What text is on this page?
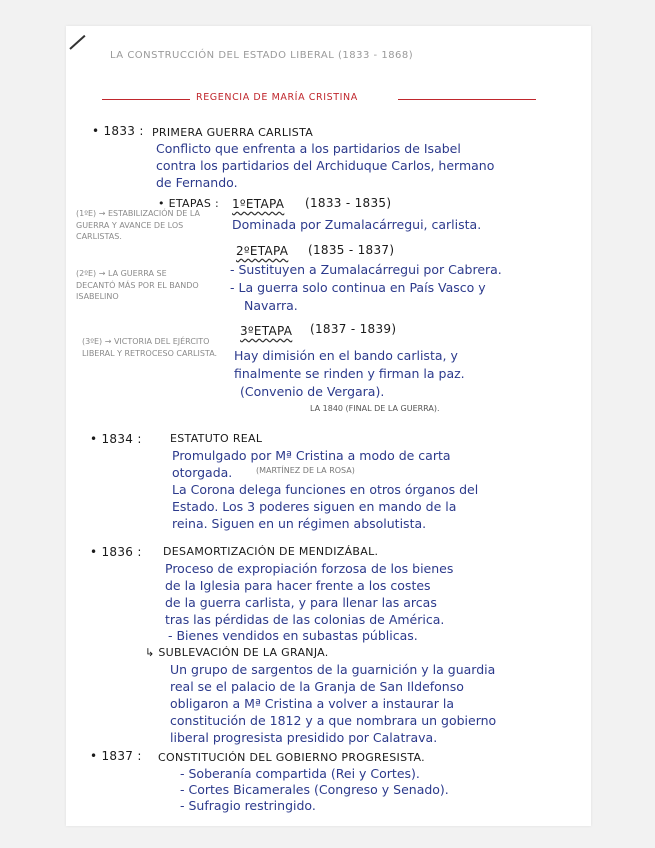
LA CONSTRUCCIÓN DEL ESTADO LIBERAL (1833 - 1868)
REGENCIA DE MARÍA CRISTINA
• 1833 : PRIMERA GUERRA CARLISTA
Conflicto que enfrenta a los partidarios de Isabel
contra los partidarios del Archiduque Carlos, hermano
de Fernando.
• ETAPAS : 1ºETAPA (1833 - 1835)
Dominada por Zumalacárregui, carlista.
2ºETAPA (1835 - 1837)
- Sustituyen a Zumalacárregui por Cabrera.
- La guerra solo continua en País Vasco y
Navarra.
3ºETAPA (1837 - 1839)
Hay dimisión en el bando carlista, y
finalmente se rinden y firman la paz.
(Convenio de Vergara).
LA 1840 (FINAL DE LA GUERRA).
(1ºE) → ESTABILIZACIÓN DE LA GUERRA Y AVANCE DE LOS CARLISTAS.
(2ºE) → LA GUERRA SE DECANTÓ MÁS POR EL BANDO ISABELINO
(3ºE) → VICTORIA DEL EJÉRCITO LIBERAL Y RETROCESO CARLISTA.
• 1834 :	ESTATUTO REAL
Promulgado por Mª Cristina a modo de carta
otorgada.	(MARTÍNEZ DE LA ROSA)
La Corona delega funciones en otros órganos del
Estado. Los 3 poderes siguen en mando de la
reina. Siguen en un régimen absolutista.
• 1836 : DESAMORTIZACIÓN DE MENDIZÁBAL.
Proceso de expropiación forzosa de los bienes
de la Iglesia para hacer frente a los costes
de la guerra carlista, y para llenar las arcas
tras las pérdidas de las colonias de América.
- Bienes vendidos en subastas públicas.
↳ SUBLEVACIÓN DE LA GRANJA.
Un grupo de sargentos de la guarnición y la guardia
real se el palacio de la Granja de San Ildefonso
obligaron a Mª Cristina a volver a instaurar la
constitución de 1812 y a que nombrara un gobierno
liberal progresista presidido por Calatrava.
• 1837 : CONSTITUCIÓN DEL GOBIERNO PROGRESISTA.
- Soberanía compartida (Rei y Cortes).
- Cortes Bicamerales (Congreso y Senado).
- Sufragio restringido.
